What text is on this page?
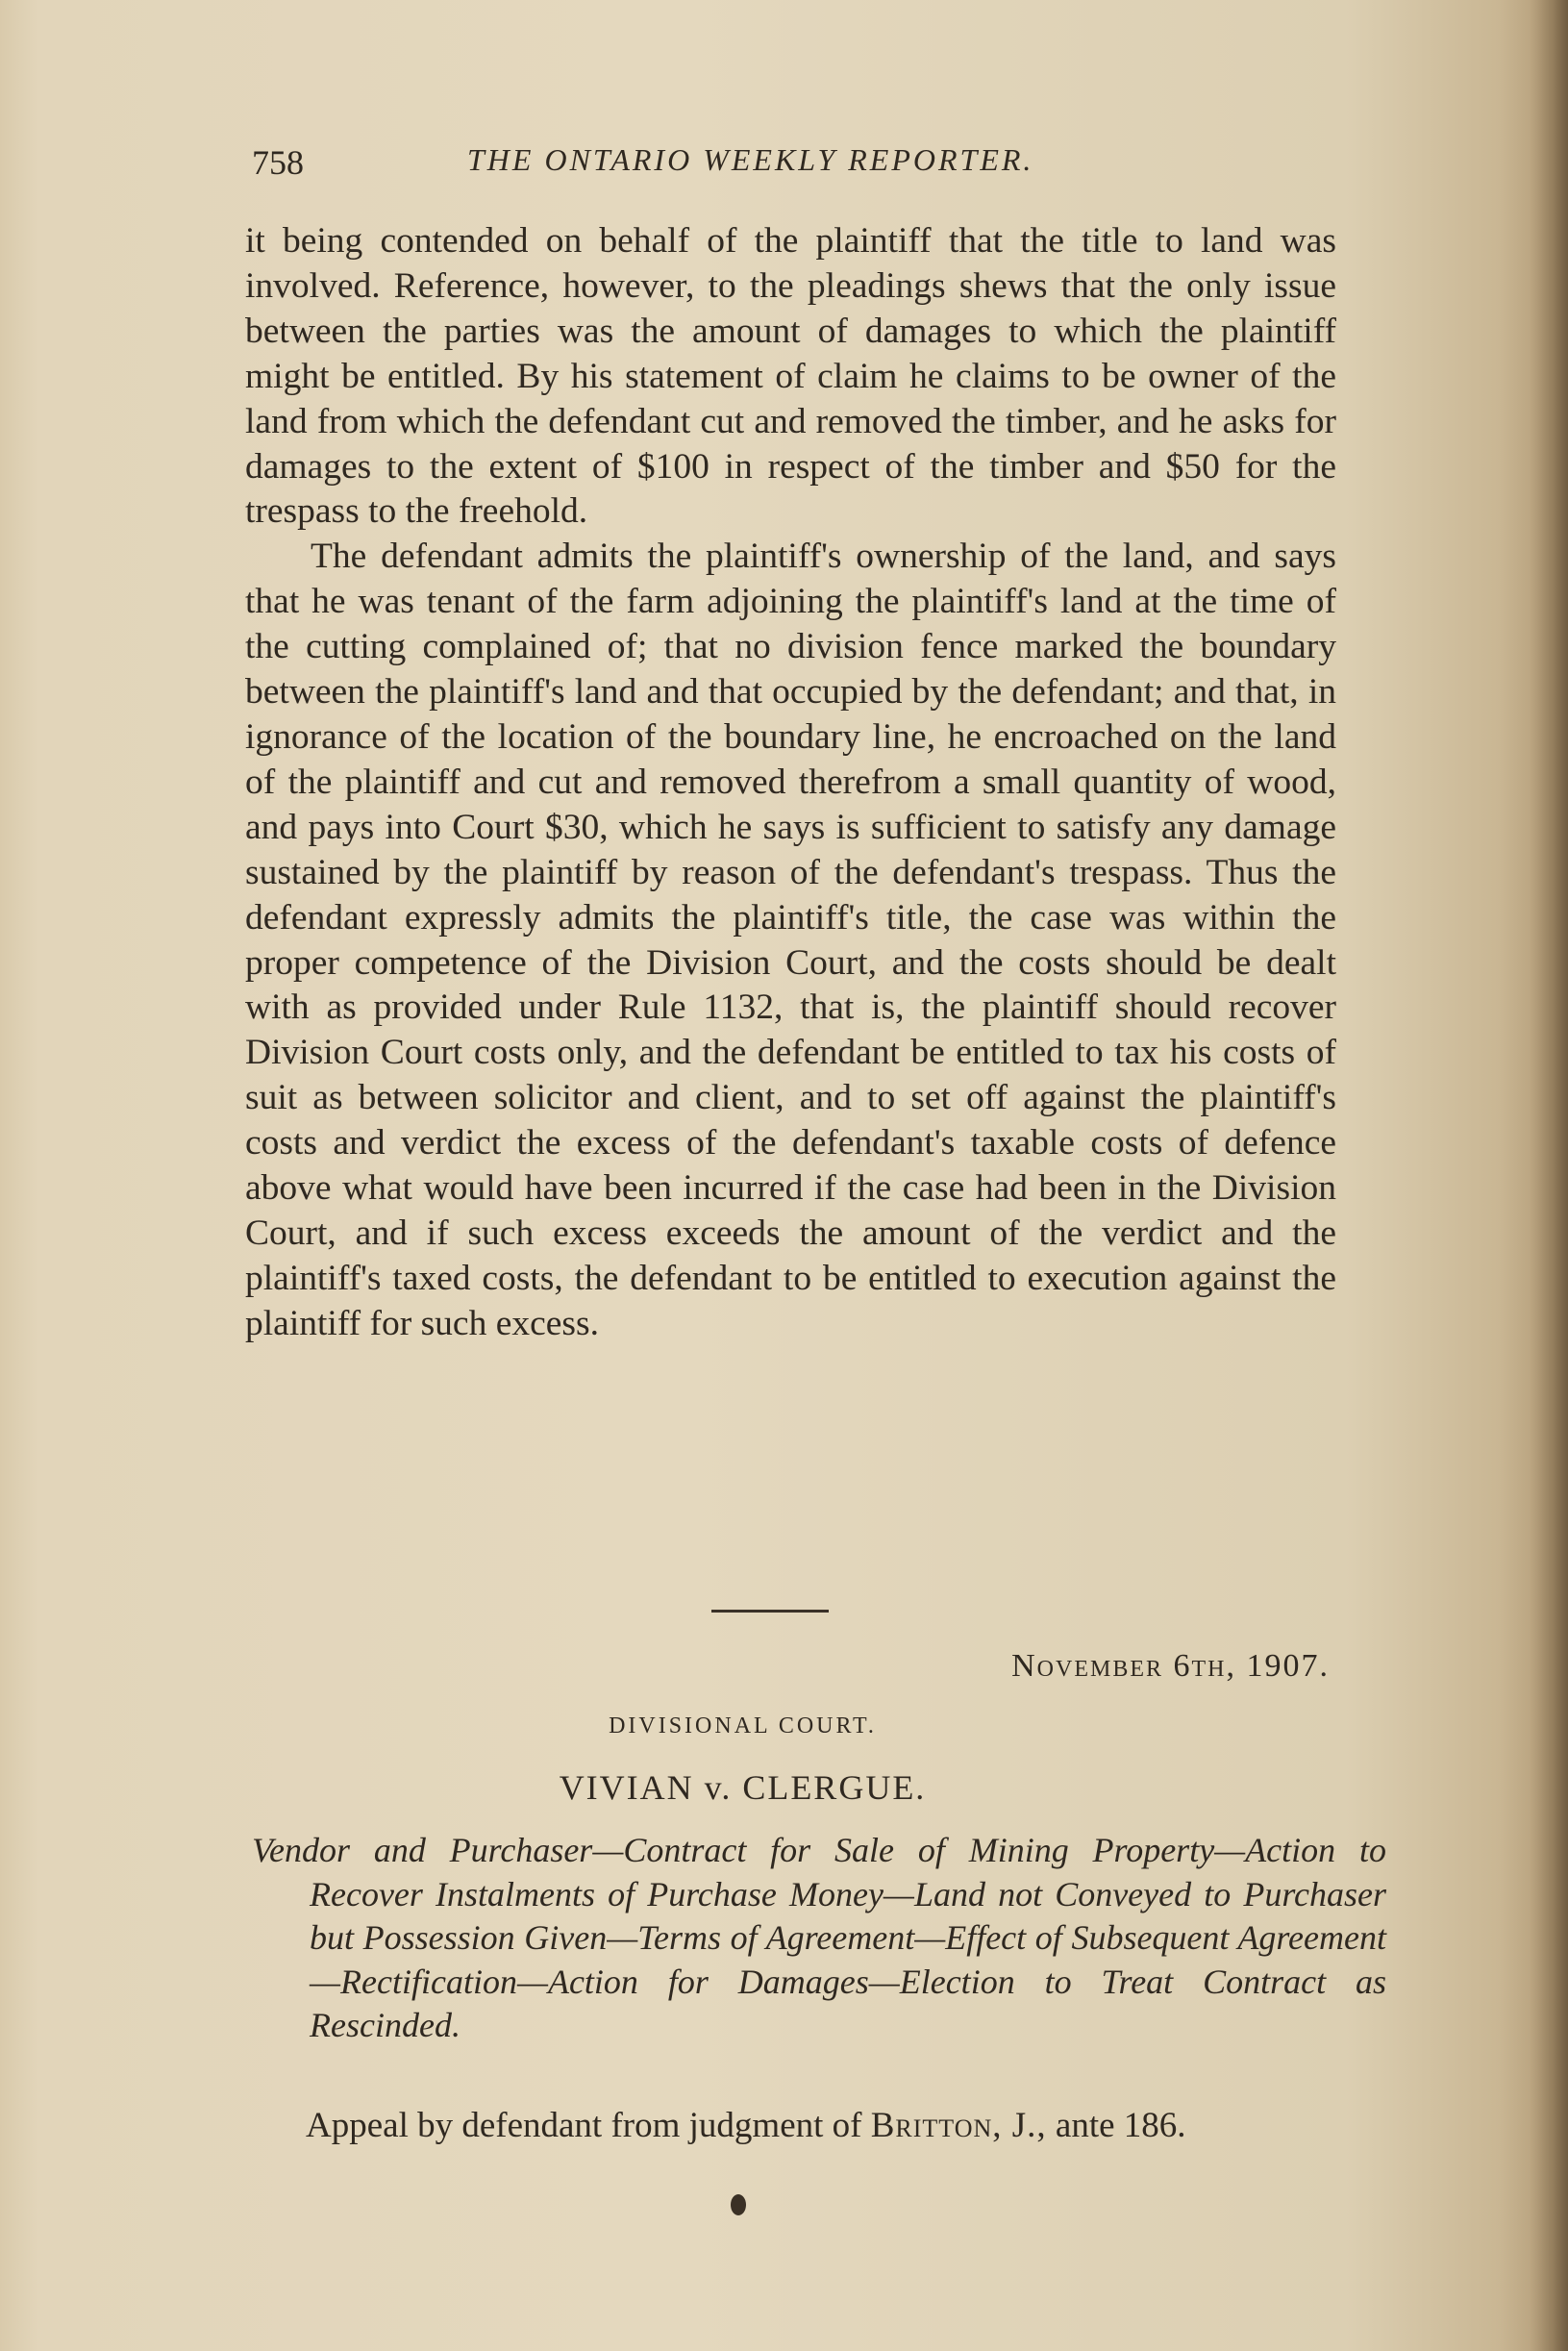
758	THE ONTARIO WEEKLY REPORTER.

it being contended on behalf of the plaintiff that the title to land was involved. Reference, however, to the pleadings shews that the only issue between the parties was the amount of damages to which the plaintiff might be entitled. By his statement of claim he claims to be owner of the land from which the defendant cut and removed the timber, and he asks for damages to the extent of $100 in respect of the timber and $50 for the trespass to the freehold.

The defendant admits the plaintiff's ownership of the land, and says that he was tenant of the farm adjoining the plaintiff's land at the time of the cutting complained of; that no division fence marked the boundary between the plaintiff's land and that occupied by the defendant; and that, in ignorance of the location of the boundary line, he encroached on the land of the plaintiff and cut and removed therefrom a small quantity of wood, and pays into Court $30, which he says is sufficient to satisfy any damage sustained by the plaintiff by reason of the defendant's trespass. Thus the defendant expressly admits the plaintiff's title, the case was within the proper competence of the Division Court, and the costs should be dealt with as provided under Rule 1132, that is, the plaintiff should recover Division Court costs only, and the defendant be entitled to tax his costs of suit as between solicitor and client, and to set off against the plaintiff's costs and verdict the excess of the defendant's taxable costs of defence above what would have been incurred if the case had been in the Division Court, and if such excess exceeds the amount of the verdict and the plaintiff's taxed costs, the defendant to be entitled to execution against the plaintiff for such excess.

November 6th, 1907.
DIVISIONAL COURT.
VIVIAN v. CLERGUE.
Vendor and Purchaser—Contract for Sale of Mining Property—Action to Recover Instalments of Purchase Money—Land not Conveyed to Purchaser but Possession Given—Terms of Agreement—Effect of Subsequent Agreement—Rectification—Action for Damages—Election to Treat Contract as Rescinded.
Appeal by defendant from judgment of Britton, J., ante 186.
